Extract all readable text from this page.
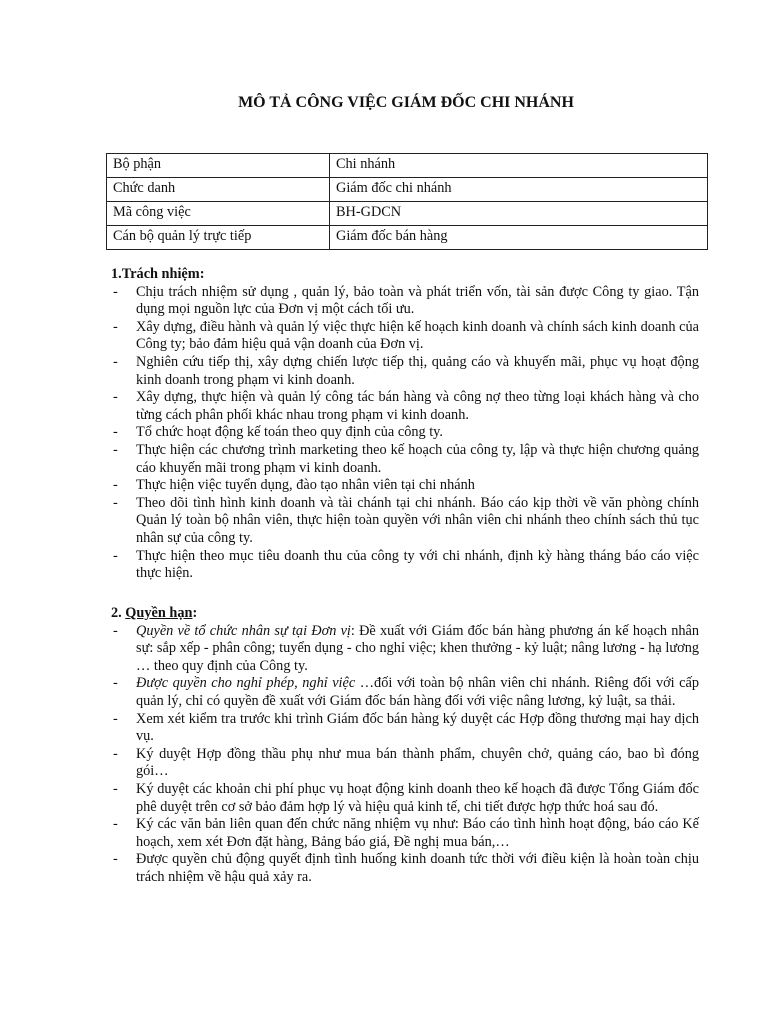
MÔ TẢ CÔNG VIỆC GIÁM ĐỐC CHI NHÁNH
Bộ phận	Chi nhánh
Chức danh	Giám đốc chi nhánh
Mã công việc	BH-GDCN
Cán bộ quản lý trực tiếp	Giám đốc bán hàng
1.Trách nhiệm:
- Chịu trách nhiệm sử dụng , quản lý, bảo toàn và phát triển vốn, tài sản được Công ty giao. Tận dụng mọi nguồn lực của Đơn vị một cách tối ưu.
- Xây dựng, điều hành và quản lý việc thực hiện kế hoạch kinh doanh và chính sách kinh doanh của Công ty; bảo đảm hiệu quả vận doanh của Đơn vị.
- Nghiên cứu tiếp thị, xây dựng chiến lược tiếp thị, quảng cáo và khuyến mãi, phục vụ hoạt động kinh doanh trong phạm vi kinh doanh.
- Xây dựng, thực hiện và quản lý công tác bán hàng và công nợ theo từng loại khách hàng và cho từng cách phân phối khác nhau trong phạm vi kinh doanh.
- Tổ chức hoạt động kế toán theo quy định của công ty.
- Thực hiện các chương trình marketing theo kế hoạch của công ty, lập và thực hiện chương quảng cáo khuyến mãi trong phạm vi kinh doanh.
- Thực hiện việc tuyển dụng, đào tạo nhân viên tại chi nhánh
- Theo dõi tình hình kinh doanh và tài chánh tại chi nhánh. Báo cáo kịp thời về văn phòng chính Quản lý toàn bộ nhân viên, thực hiện toàn quyền với nhân viên chi nhánh theo chính sách thủ tục nhân sự của công ty.
- Thực hiện theo mục tiêu doanh thu của công ty với chi nhánh, định kỳ hàng tháng báo cáo việc thực hiện.
2. Quyền hạn:
- Quyền về tổ chức nhân sự tại Đơn vị: Đề xuất với Giám đốc bán hàng phương án kế hoạch nhân sự: sắp xếp - phân công; tuyển dụng - cho nghỉ việc; khen thưởng - kỷ luật; nâng lương - hạ lương … theo quy định của Công ty.
- Được quyền cho nghỉ phép, nghỉ việc …đối với toàn bộ nhân viên chi nhánh. Riêng đối với cấp quản lý, chỉ có quyền đề xuất với Giám đốc bán hàng đối với việc nâng lương, kỷ luật, sa thải.
- Xem xét kiểm tra trước khi trình Giám đốc bán hàng ký duyệt các Hợp đồng thương mại hay dịch vụ.
- Ký duyệt Hợp đồng thầu phụ như mua bán thành phẩm, chuyên chở, quảng cáo, bao bì đóng gói…
- Ký duyệt các khoản chi phí phục vụ hoạt động kinh doanh theo kế hoạch đã được Tổng Giám đốc phê duyệt trên cơ sở bảo đảm hợp lý và hiệu quả kinh tế, chi tiết được hợp thức hoá sau đó.
- Ký các văn bản liên quan đến chức năng nhiệm vụ như: Báo cáo tình hình hoạt động, báo cáo Kế hoạch, xem xét Đơn đặt hàng, Bảng báo giá, Đề nghị mua bán,…
- Được quyền chủ động quyết định tình huống kinh doanh tức thời với điều kiện là hoàn toàn chịu trách nhiệm về hậu quả xảy ra.
